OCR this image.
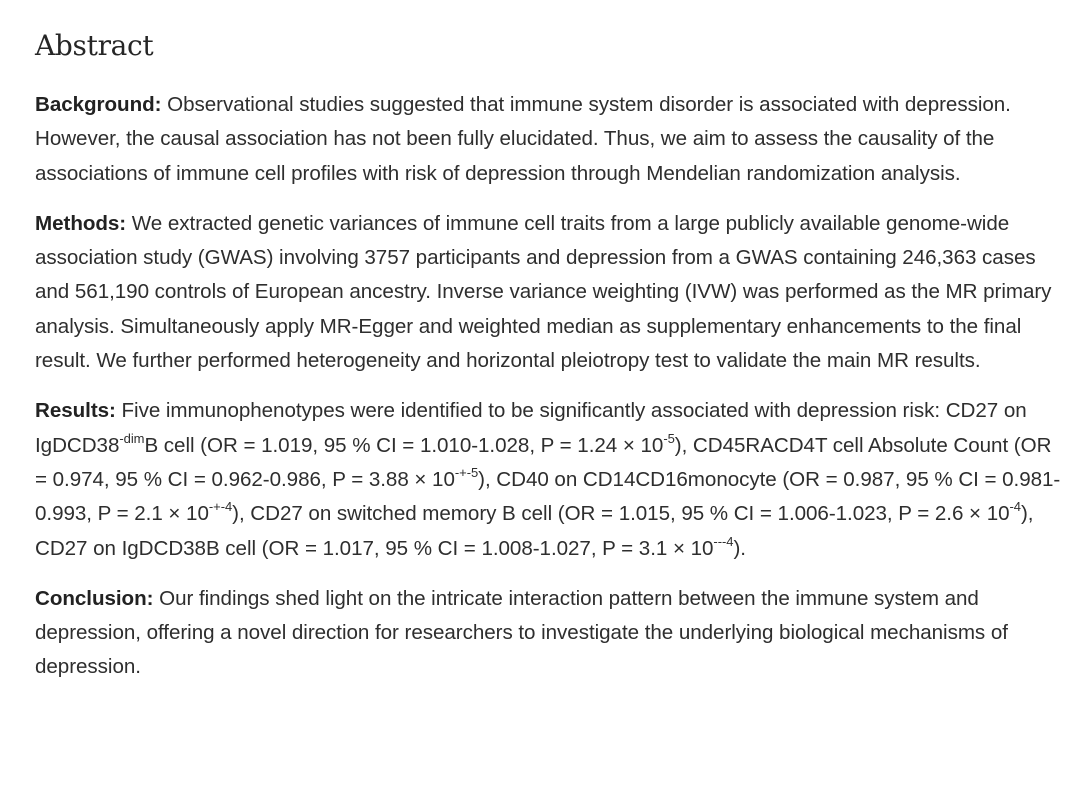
Abstract

Background: Observational studies suggested that immune system disorder is associated with depression. However, the causal association has not been fully elucidated. Thus, we aim to assess the causality of the associations of immune cell profiles with risk of depression through Mendelian randomization analysis.

Methods: We extracted genetic variances of immune cell traits from a large publicly available genome-wide association study (GWAS) involving 3757 participants and depression from a GWAS containing 246,363 cases and 561,190 controls of European ancestry. Inverse variance weighting (IVW) was performed as the MR primary analysis. Simultaneously apply MR-Egger and weighted median as supplementary enhancements to the final result. We further performed heterogeneity and horizontal pleiotropy test to validate the main MR results.

Results: Five immunophenotypes were identified to be significantly associated with depression risk: CD27 on $IgDCD38^{-dim}B$ cell (OR = 1.019, 95 % CI = 1.010-1.028, $P = 1.24 \times 10^{-5}$), CD45RACD4T cell Absolute Count (OR = 0.974, 95 % CI = 0.962-0.986, $P = 3.88 \times 10^{-+-5}$), CD40 on CD14CD16monocyte (OR = 0.987, 95 % CI = 0.981-0.993, $P = 2.1 \times 10^{-+-4}$), CD27 on switched memory B cell (OR = 1.015, 95 % CI = 1.006-1.023, $P = 2.6 \times 10^{-4}$), CD27 on IgDCD38B cell (OR = 1.017, 95 % CI = 1.008-1.027, $P = 3.1 \times 10^{---4}$).

Conclusion: Our findings shed light on the intricate interaction pattern between the immune system and depression, offering a novel direction for researchers to investigate the underlying biological mechanisms of depression.
